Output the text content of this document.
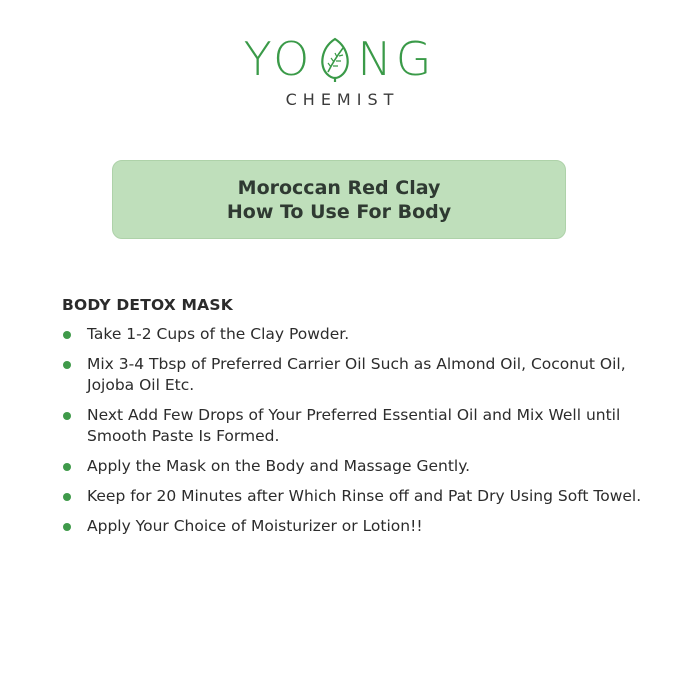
YO NG
CHEMIST
Moroccan Red Clay
How To Use For Body
BODY DETOX MASK
Take 1-2 Cups of the Clay Powder.
Mix 3-4 Tbsp of Preferred Carrier Oil Such as Almond Oil, Coconut Oil, Jojoba Oil Etc.
Next Add Few Drops of Your Preferred Essential Oil and Mix Well until Smooth Paste Is Formed.
Apply the Mask on the Body and Massage Gently.
Keep for 20 Minutes after Which Rinse off and Pat Dry Using Soft Towel.
Apply Your Choice of Moisturizer or Lotion!!
